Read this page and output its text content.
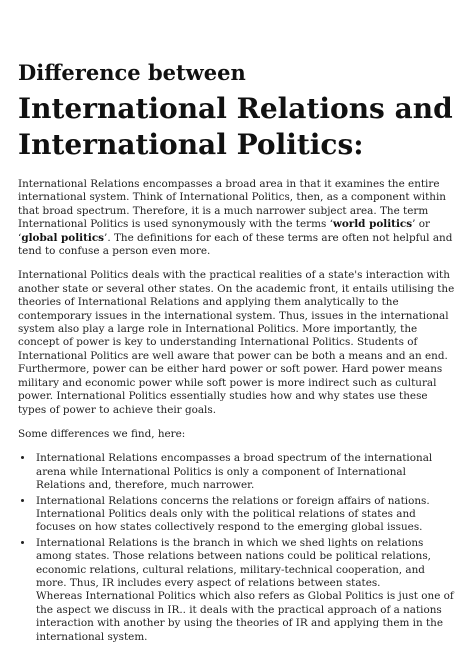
Difference between International Relations and International Politics:

International Relations encompasses a broad area in that it examines the entire international system. Think of International Politics, then, as a component within that broad spectrum. Therefore, it is a much narrower subject area. The term International Politics is used synonymously with the terms ‘world politics’ or ‘global politics’. The definitions for each of these terms are often not helpful and tend to confuse a person even more.

International Politics deals with the practical realities of a state's interaction with another state or several other states. On the academic front, it entails utilising the theories of International Relations and applying them analytically to the contemporary issues in the international system. Thus, issues in the international system also play a large role in International Politics. More importantly, the concept of power is key to understanding International Politics. Students of International Politics are well aware that power can be both a means and an end. Furthermore, power can be either hard power or soft power. Hard power means military and economic power while soft power is more indirect such as cultural power. International Politics essentially studies how and why states use these types of power to achieve their goals.

Some differences we find, here:

• International Relations encompasses a broad spectrum of the international arena while International Politics is only a component of International Relations and, therefore, much narrower.
• International Relations concerns the relations or foreign affairs of nations. International Politics deals only with the political relations of states and focuses on how states collectively respond to the emerging global issues.
• International Relations is the branch in which we shed lights on relations among states. Those relations between nations could be political relations, economic relations, cultural relations, military-technical cooperation, and more. Thus, IR includes every aspect of relations between states.
Whereas International Politics which also refers as Global Politics is just one of the aspect we discuss in IR.. it deals with the practical approach of a nations interaction with another by using the theories of IR and applying them in the international system.
